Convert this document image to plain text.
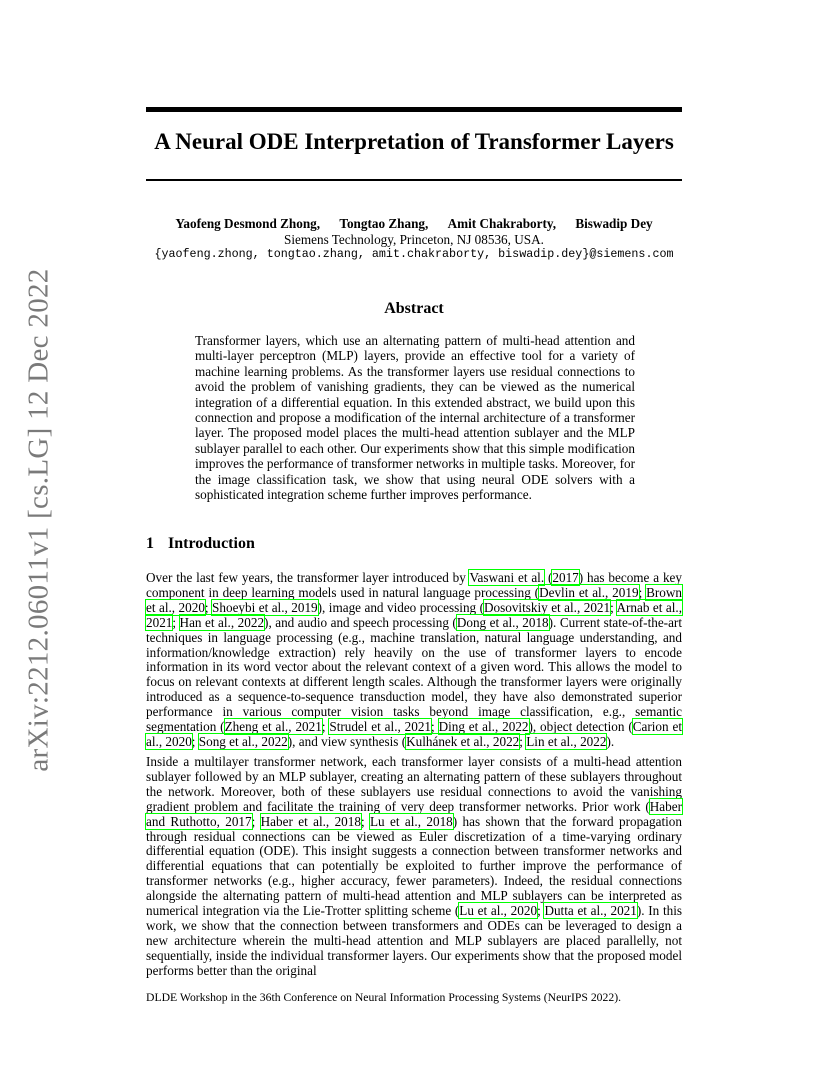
arXiv:2212.06011v1 [cs.LG] 12 Dec 2022
A Neural ODE Interpretation of Transformer Layers
Yaofeng Desmond Zhong, Tongtao Zhang, Amit Chakraborty, Biswadip Dey
Siemens Technology, Princeton, NJ 08536, USA.
{yaofeng.zhong, tongtao.zhang, amit.chakraborty, biswadip.dey}@siemens.com
Abstract

Transformer layers, which use an alternating pattern of multi-head attention and multi-layer perceptron (MLP) layers, provide an effective tool for a variety of machine learning problems. As the transformer layers use residual connections to avoid the problem of vanishing gradients, they can be viewed as the numerical integration of a differential equation. In this extended abstract, we build upon this connection and propose a modification of the internal architecture of a transformer layer. The proposed model places the multi-head attention sublayer and the MLP sublayer parallel to each other. Our experiments show that this simple modification improves the performance of transformer networks in multiple tasks. Moreover, for the image classification task, we show that using neural ODE solvers with a sophisticated integration scheme further improves performance.

1 Introduction

Over the last few years, the transformer layer introduced by Vaswani et al. (2017) has become a key component in deep learning models used in natural language processing (Devlin et al., 2019; Brown et al., 2020; Shoeybi et al., 2019), image and video processing (Dosovitskiy et al., 2021; Arnab et al., 2021; Han et al., 2022), and audio and speech processing (Dong et al., 2018). Current state-of-the-art techniques in language processing (e.g., machine translation, natural language understanding, and information/knowledge extraction) rely heavily on the use of transformer layers to encode information in its word vector about the relevant context of a given word. This allows the model to focus on relevant contexts at different length scales. Although the transformer layers were originally introduced as a sequence-to-sequence transduction model, they have also demonstrated superior performance in various computer vision tasks beyond image classification, e.g., semantic segmentation (Zheng et al., 2021; Strudel et al., 2021; Ding et al., 2022), object detection (Carion et al., 2020; Song et al., 2022), and view synthesis (Kulhánek et al., 2022; Lin et al., 2022).

Inside a multilayer transformer network, each transformer layer consists of a multi-head attention sublayer followed by an MLP sublayer, creating an alternating pattern of these sublayers throughout the network. Moreover, both of these sublayers use residual connections to avoid the vanishing gradient problem and facilitate the training of very deep transformer networks. Prior work (Haber and Ruthotto, 2017; Haber et al., 2018; Lu et al., 2018) has shown that the forward propagation through residual connections can be viewed as Euler discretization of a time-varying ordinary differential equation (ODE). This insight suggests a connection between transformer networks and differential equations that can potentially be exploited to further improve the performance of transformer networks (e.g., higher accuracy, fewer parameters). Indeed, the residual connections alongside the alternating pattern of multi-head attention and MLP sublayers can be interpreted as numerical integration via the Lie-Trotter splitting scheme (Lu et al., 2020; Dutta et al., 2021). In this work, we show that the connection between transformers and ODEs can be leveraged to design a new architecture wherein the multi-head attention and MLP sublayers are placed parallelly, not sequentially, inside the individual transformer layers. Our experiments show that the proposed model performs better than the original

DLDE Workshop in the 36th Conference on Neural Information Processing Systems (NeurIPS 2022).
